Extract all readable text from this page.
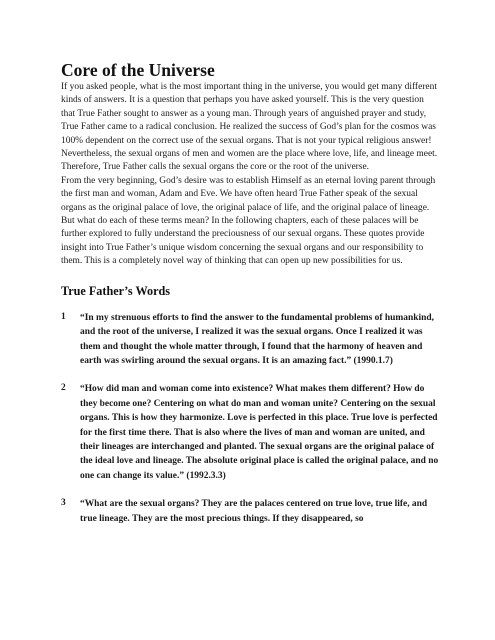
Core of the Universe

If you asked people, what is the most important thing in the universe, you would get many different kinds of answers. It is a question that perhaps you have asked yourself. This is the very question that True Father sought to answer as a young man. Through years of anguished prayer and study, True Father came to a radical conclusion. He realized the success of God’s plan for the cosmos was 100% dependent on the correct use of the sexual organs. That is not your typical religious answer! Nevertheless, the sexual organs of men and women are the place where love, life, and lineage meet. Therefore, True Father calls the sexual organs the core or the root of the universe.

From the very beginning, God’s desire was to establish Himself as an eternal loving parent through the first man and woman, Adam and Eve. We have often heard True Father speak of the sexual organs as the original palace of love, the original palace of life, and the original palace of lineage. But what do each of these terms mean? In the following chapters, each of these palaces will be further explored to fully understand the preciousness of our sexual organs. These quotes provide insight into True Father’s unique wisdom concerning the sexual organs and our responsibility to them. This is a completely novel way of thinking that can open up new possibilities for us.

True Father’s Words
1 “In my strenuous efforts to find the answer to the fundamental problems of humankind, and the root of the universe, I realized it was the sexual organs. Once I realized it was them and thought the whole matter through, I found that the harmony of heaven and earth was swirling around the sexual organs. It is an amazing fact.” (1990.1.7)

2 “How did man and woman come into existence? What makes them different? How do they become one? Centering on what do man and woman unite? Centering on the sexual organs. This is how they harmonize. Love is perfected in this place. True love is perfected for the first time there. That is also where the lives of man and woman are united, and their lineages are interchanged and planted. The sexual organs are the original palace of the ideal love and lineage. The absolute original place is called the original palace, and no one can change its value.” (1992.3.3)

3 “What are the sexual organs? They are the palaces centered on true love, true life, and true lineage. They are the most precious things. If they disappeared, so
